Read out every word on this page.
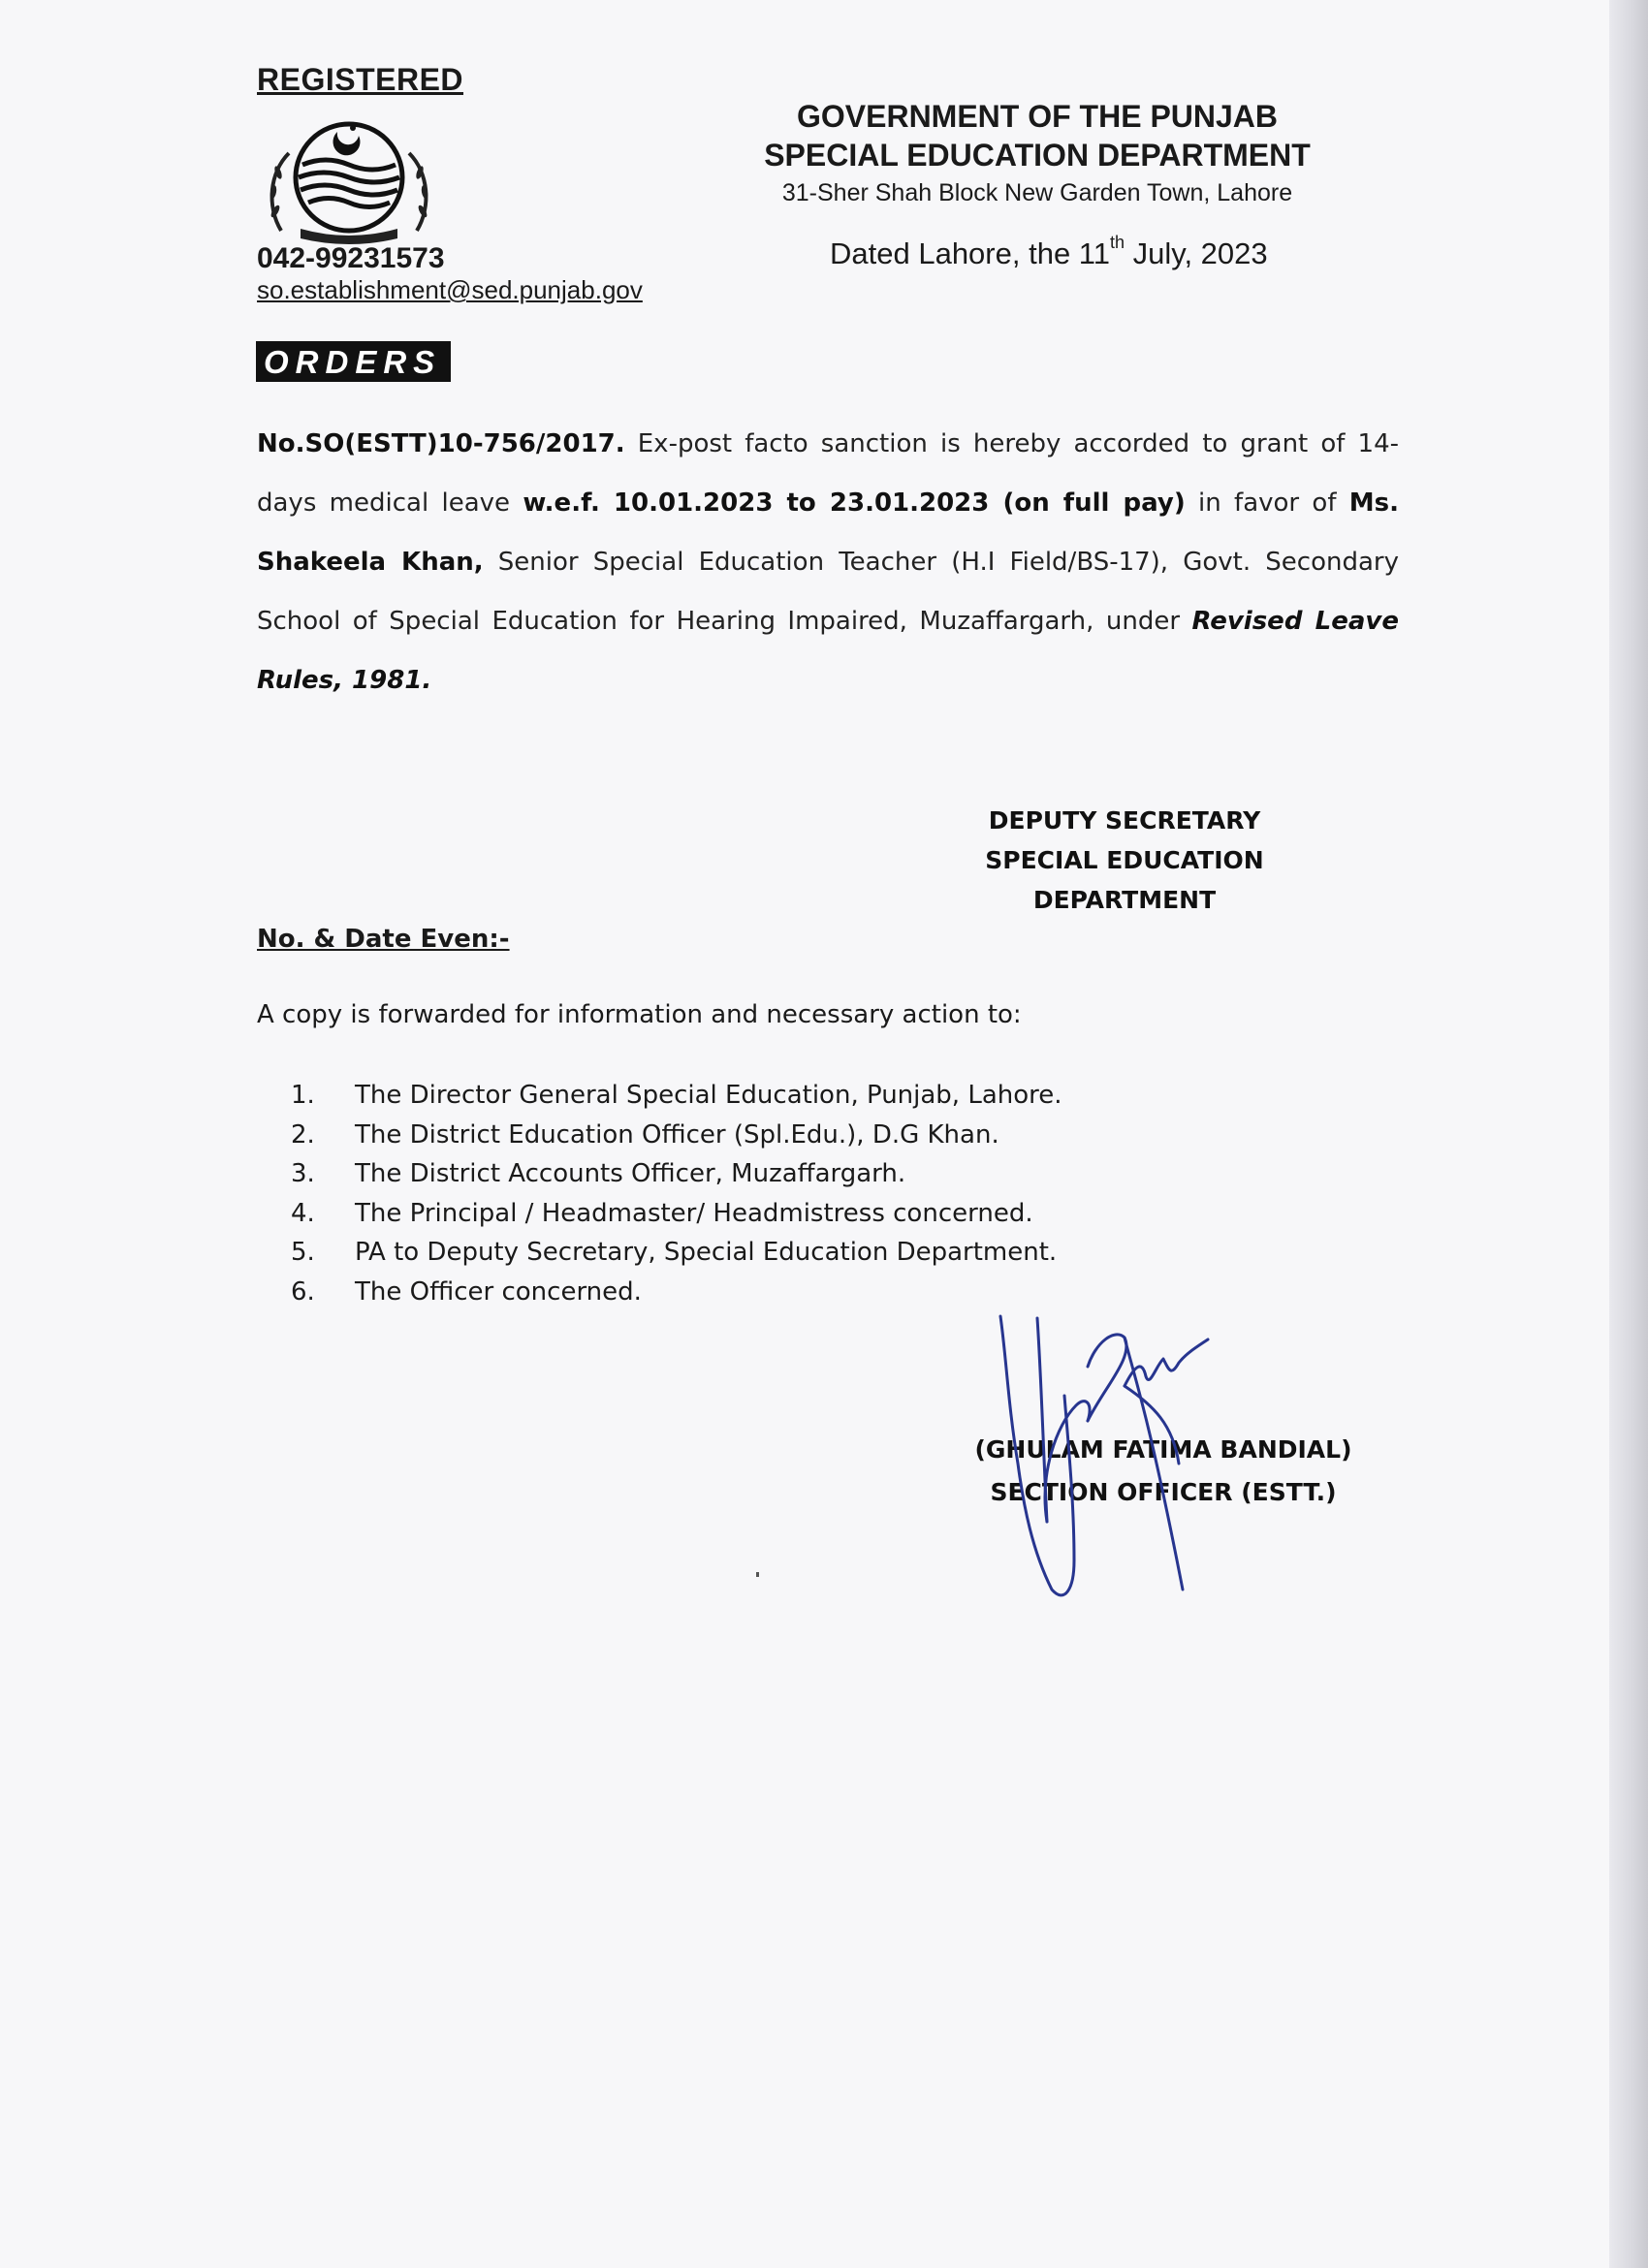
REGISTERED
042-99231573
so.establishment@sed.punjab.gov
GOVERNMENT OF THE PUNJAB
SPECIAL EDUCATION DEPARTMENT
31-Sher Shah Block New Garden Town, Lahore
Dated Lahore, the 11th July, 2023
ORDERS
No.SO(ESTT)10-756/2017. Ex-post facto sanction is hereby accorded to grant of 14-days medical leave w.e.f. 10.01.2023 to 23.01.2023 (on full pay) in favor of Ms. Shakeela Khan, Senior Special Education Teacher (H.I Field/BS-17), Govt. Secondary School of Special Education for Hearing Impaired, Muzaffargarh, under Revised Leave Rules, 1981.
DEPUTY SECRETARY
SPECIAL EDUCATION
DEPARTMENT
No. & Date Even:-
A copy is forwarded for information and necessary action to:
1.	The Director General Special Education, Punjab, Lahore.
2.	The District Education Officer (Spl.Edu.), D.G Khan.
3.	The District Accounts Officer, Muzaffargarh.
4.	The Principal / Headmaster/ Headmistress concerned.
5.	PA to Deputy Secretary, Special Education Department.
6.	The Officer concerned.
(GHULAM FATIMA BANDIAL)
SECTION OFFICER (ESTT.)
